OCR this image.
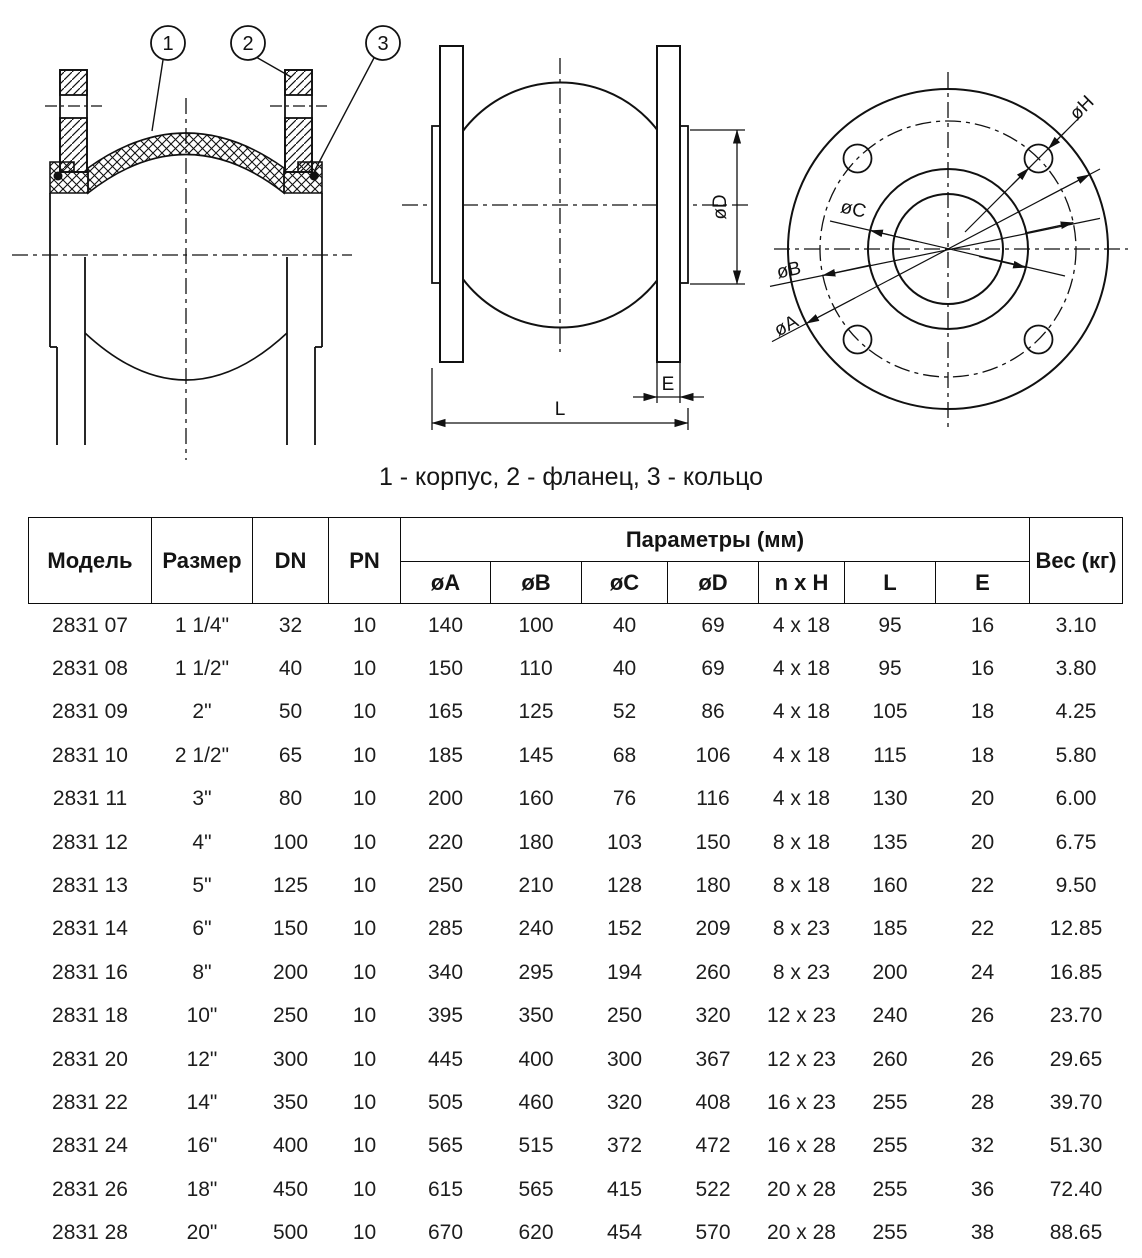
1	2	3
øD
E
L
øA
øB
øC
øH
1 - корпус, 2 - фланец, 3 - кольцо
Модель	Размер	DN	PN	Параметры (мм)							Вес (кг)
				øA	øB	øC	øD	n x H	L	E	
2831 07	1 1/4"	32	10	140	100	40	69	4 x 18	95	16	3.10
2831 08	1 1/2"	40	10	150	110	40	69	4 x 18	95	16	3.80
2831 09	2"	50	10	165	125	52	86	4 x 18	105	18	4.25
2831 10	2 1/2"	65	10	185	145	68	106	4 x 18	115	18	5.80
2831 11	3"	80	10	200	160	76	116	4 x 18	130	20	6.00
2831 12	4"	100	10	220	180	103	150	8 x 18	135	20	6.75
2831 13	5"	125	10	250	210	128	180	8 x 18	160	22	9.50
2831 14	6"	150	10	285	240	152	209	8 x 23	185	22	12.85
2831 16	8"	200	10	340	295	194	260	8 x 23	200	24	16.85
2831 18	10"	250	10	395	350	250	320	12 x 23	240	26	23.70
2831 20	12"	300	10	445	400	300	367	12 x 23	260	26	29.65
2831 22	14"	350	10	505	460	320	408	16 x 23	255	28	39.70
2831 24	16"	400	10	565	515	372	472	16 x 28	255	32	51.30
2831 26	18"	450	10	615	565	415	522	20 x 28	255	36	72.40
2831 28	20"	500	10	670	620	454	570	20 x 28	255	38	88.65
